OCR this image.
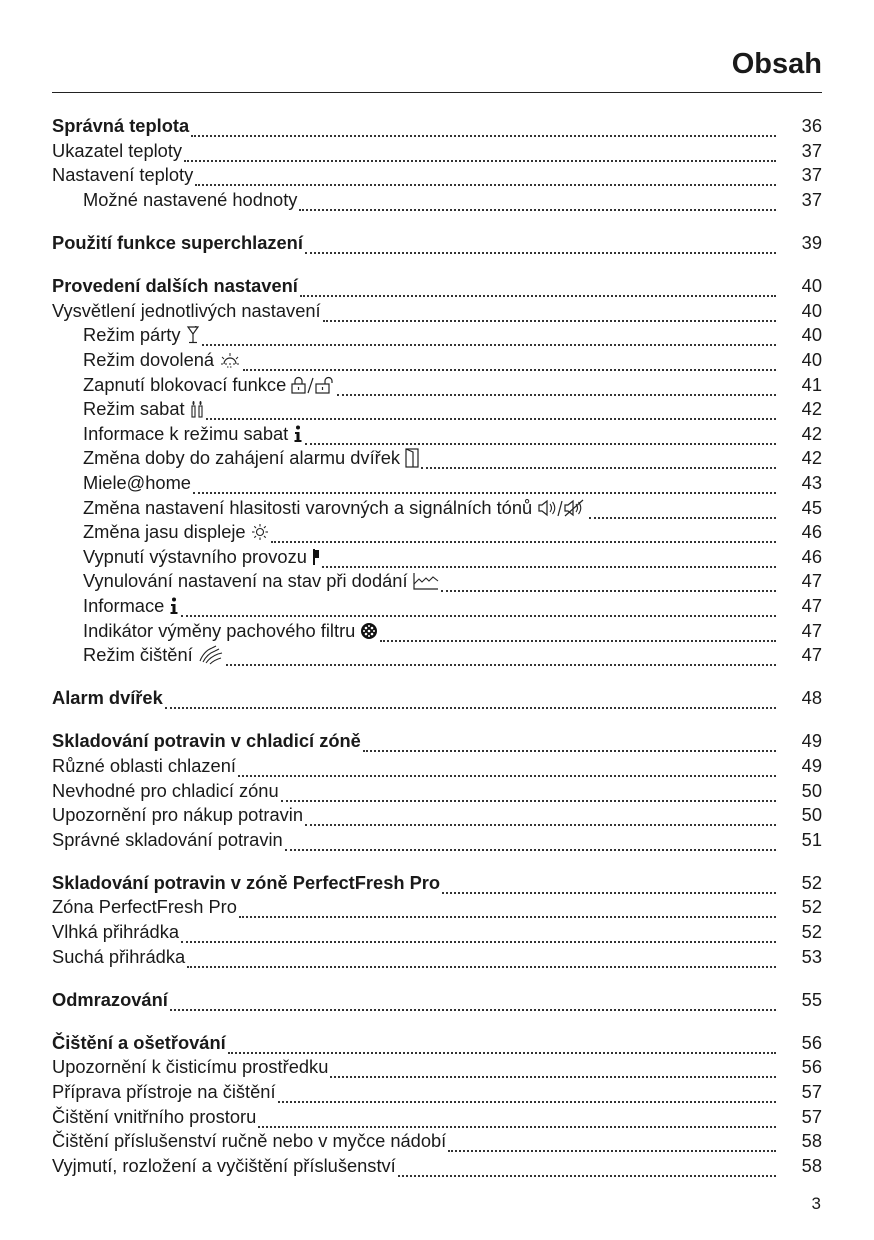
Obsah
Správná teplota	36
Ukazatel teploty	37
Nastavení teploty	37
Možné nastavené hodnoty	37
Použití funkce superchlazení	39
Provedení dalších nastavení	40
Vysvětlení jednotlivých nastavení	40
Režim párty	40
Režim dovolená	40
Zapnutí blokovací funkce	41
Režim sabat	42
Informace k režimu sabat	42
Změna doby do zahájení alarmu dvířek	42
Miele@home	43
Změna nastavení hlasitosti varovných a signálních tónů	45
Změna jasu displeje	46
Vypnutí výstavního provozu	46
Vynulování nastavení na stav při dodání	47
Informace	47
Indikátor výměny pachového filtru	47
Režim čištění	47
Alarm dvířek	48
Skladování potravin v chladicí zóně	49
Různé oblasti chlazení	49
Nevhodné pro chladicí zónu	50
Upozornění pro nákup potravin	50
Správné skladování potravin	51
Skladování potravin v zóně PerfectFresh Pro	52
Zóna PerfectFresh Pro	52
Vlhká přihrádka	52
Suchá přihrádka	53
Odmrazování	55
Čištění a ošetřování	56
Upozornění k čisticímu prostředku	56
Příprava přístroje na čištění	57
Čištění vnitřního prostoru	57
Čištění příslušenství ručně nebo v myčce nádobí	58
Vyjmutí, rozložení a vyčištění příslušenství	58
3
